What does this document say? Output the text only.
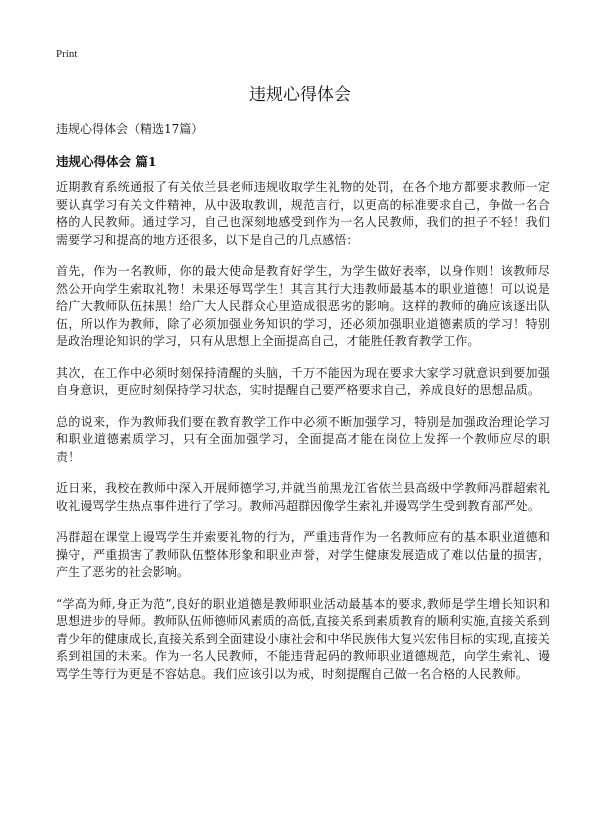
Print
违规心得体会

违规心得体会（精选17篇）

违规心得体会 篇1

近期教育系统通报了有关依兰县老师违规收取学生礼物的处罚，在各个地方都要求教师一定要认真学习有关文件精神，从中汲取教训，规范言行，以更高的标准要求自己，争做一名合格的人民教师。通过学习，自己也深刻地感受到作为一名人民教师，我们的担子不轻！我们需要学习和提高的地方还很多，以下是自己的几点感悟：

首先，作为一名教师，你的最大使命是教育好学生，为学生做好表率，以身作则！该教师尽然公开向学生索取礼物！未果还辱骂学生！其言其行大违教师最基本的职业道德！可以说是给广大教师队伍抹黑！给广大人民群众心里造成很恶劣的影响。这样的教师的确应该逐出队伍，所以作为教师，除了必须加强业务知识的学习，还必须加强职业道德素质的学习！特别是政治理论知识的学习，只有从思想上全面提高自己，才能胜任教育教学工作。

其次，在工作中必须时刻保持清醒的头脑，千万不能因为现在要求大家学习就意识到要加强自身意识，更应时刻保持学习状态，实时提醒自己要严格要求自己，养成良好的思想品质。

总的说来，作为教师我们要在教育教学工作中必须不断加强学习，特别是加强政治理论学习和职业道德素质学习，只有全面加强学习，全面提高才能在岗位上发挥一个教师应尽的职责！

近日来，我校在教师中深入开展师德学习,并就当前黑龙江省依兰县高级中学教师冯群超索礼收礼谩骂学生热点事件进行了学习。教师冯超群因像学生索礼并谩骂学生受到教育部严处。

冯群超在课堂上谩骂学生并索要礼物的行为，严重违背作为一名教师应有的基本职业道德和操守，严重损害了教师队伍整体形象和职业声誉，对学生健康发展造成了难以估量的损害，产生了恶劣的社会影响。

“学高为师,身正为范”,良好的职业道德是教师职业活动最基本的要求,教师是学生增长知识和思想进步的导师。教师队伍师德师风素质的高低,直接关系到素质教育的顺利实施,直接关系到青少年的健康成长,直接关系到全面建设小康社会和中华民族伟大复兴宏伟目标的实现,直接关系到祖国的未来。作为一名人民教师，不能违背起码的教师职业道德规范，向学生索礼、谩骂学生等行为更是不容姑息。我们应该引以为戒，时刻提醒自己做一名合格的人民教师。
